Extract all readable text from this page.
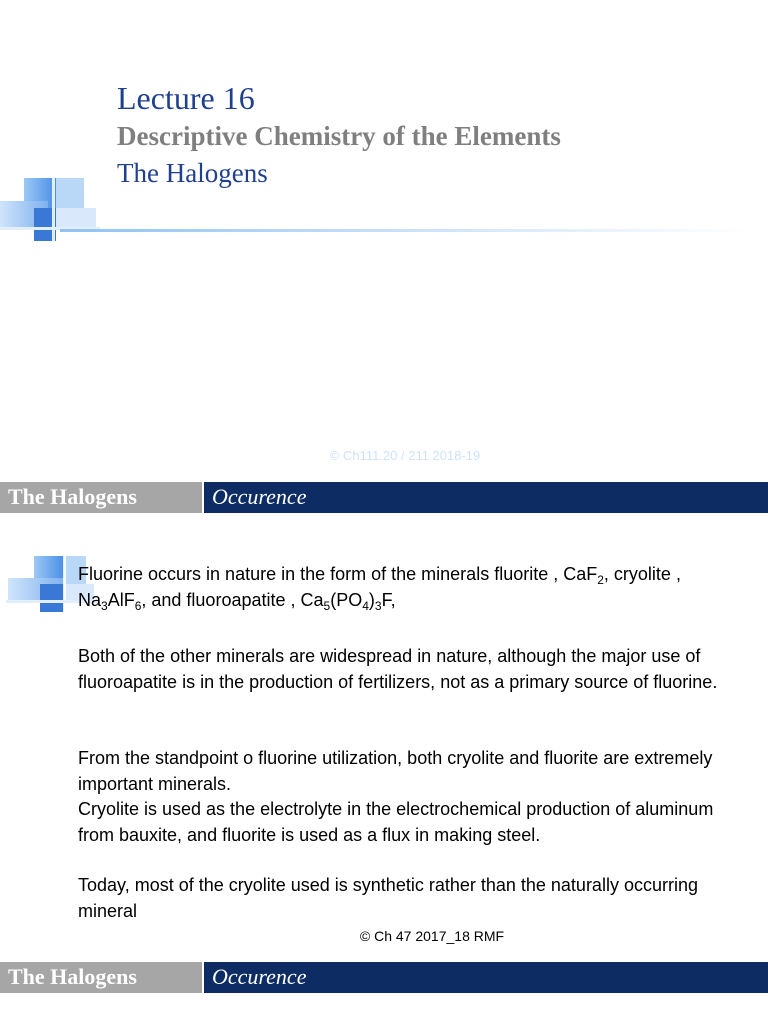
Lecture 16
Descriptive Chemistry of the Elements
The Halogens
© Ch111.20 / 211 2018-19
The Halogens	Occurence
Fluorine occurs in nature in the form of the minerals fluorite , CaF$_2$, cryolite , $Na_3AlF_6$, and fluoroapatite , $Ca_5(PO_4)_3F$,

Both of the other minerals are widespread in nature, although the major use of fluoroapatite is in the production of fertilizers, not as a primary source of fluorine.

From the standpoint o fluorine utilization, both cryolite and fluorite are extremely important minerals.

Cryolite is used as the electrolyte in the electrochemical production of aluminum from bauxite, and fluorite is used as a flux in making steel.

Today, most of the cryolite used is synthetic rather than the naturally occurring mineral

© Ch 47 2017_18 RMF
The Halogens	Occurence
